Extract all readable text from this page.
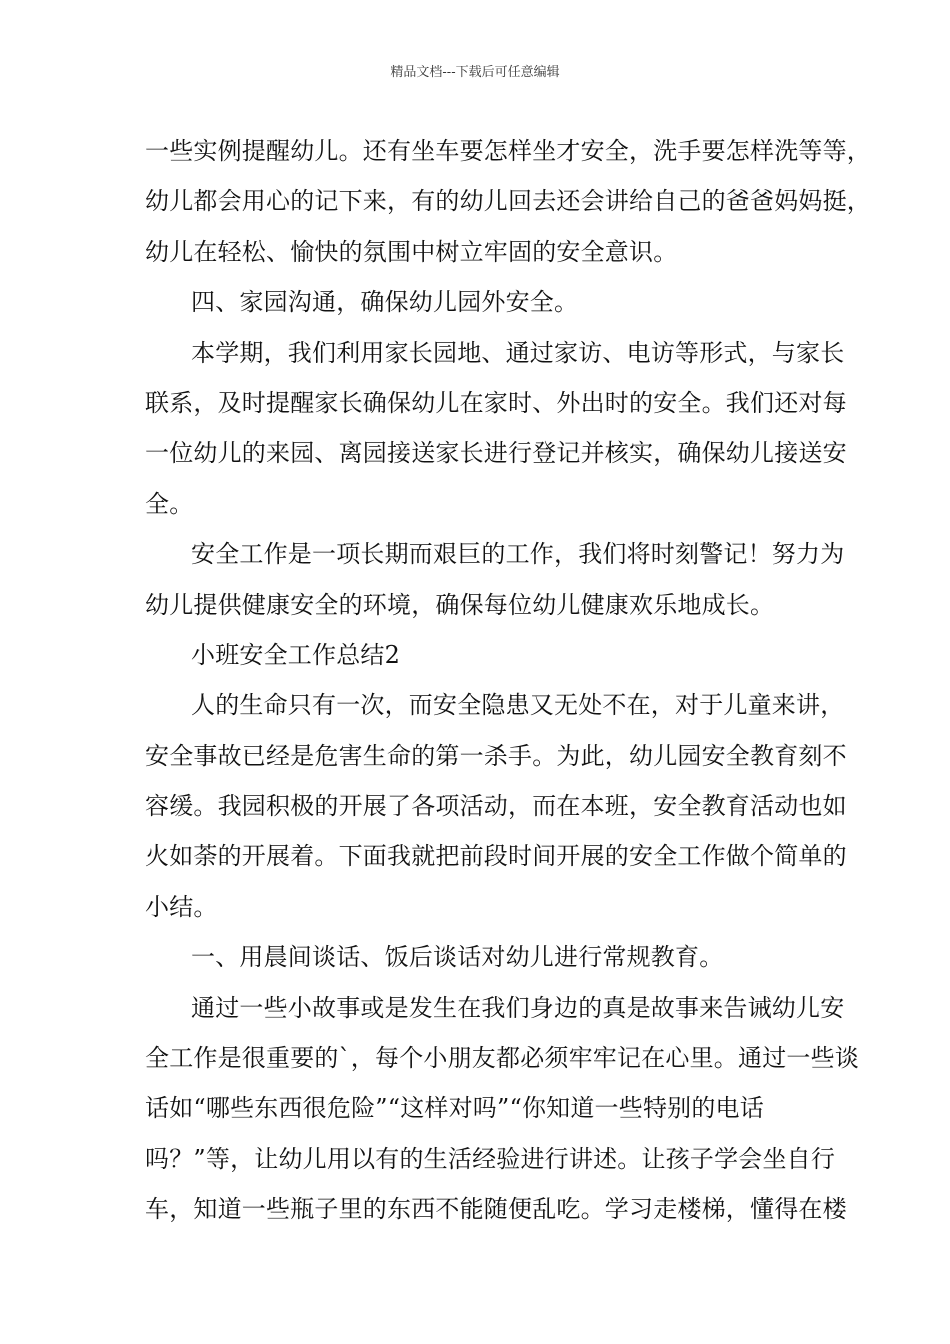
精品文档---下载后可任意编辑
一些实例提醒幼儿。还有坐车要怎样坐才安全，洗手要怎样洗等等，
幼儿都会用心的记下来，有的幼儿回去还会讲给自己的爸爸妈妈挺，
幼儿在轻松、愉快的氛围中树立牢固的安全意识。
四、家园沟通，确保幼儿园外安全。
本学期，我们利用家长园地、通过家访、电访等形式，与家长
联系，及时提醒家长确保幼儿在家时、外出时的安全。我们还对每
一位幼儿的来园、离园接送家长进行登记并核实，确保幼儿接送安
全。
安全工作是一项长期而艰巨的工作，我们将时刻警记！努力为
幼儿提供健康安全的环境，确保每位幼儿健康欢乐地成长。
小班安全工作总结2
人的生命只有一次，而安全隐患又无处不在，对于儿童来讲，
安全事故已经是危害生命的第一杀手。为此，幼儿园安全教育刻不
容缓。我园积极的开展了各项活动，而在本班，安全教育活动也如
火如荼的开展着。下面我就把前段时间开展的安全工作做个简单的
小结。
一、用晨间谈话、饭后谈话对幼儿进行常规教育。
通过一些小故事或是发生在我们身边的真是故事来告诫幼儿安
全工作是很重要的`，每个小朋友都必须牢牢记在心里。通过一些谈
话如“哪些东西很危险”“这样对吗”“你知道一些特别的电话
吗？”等，让幼儿用以有的生活经验进行讲述。让孩子学会坐自行
车，知道一些瓶子里的东西不能随便乱吃。学习走楼梯，懂得在楼
